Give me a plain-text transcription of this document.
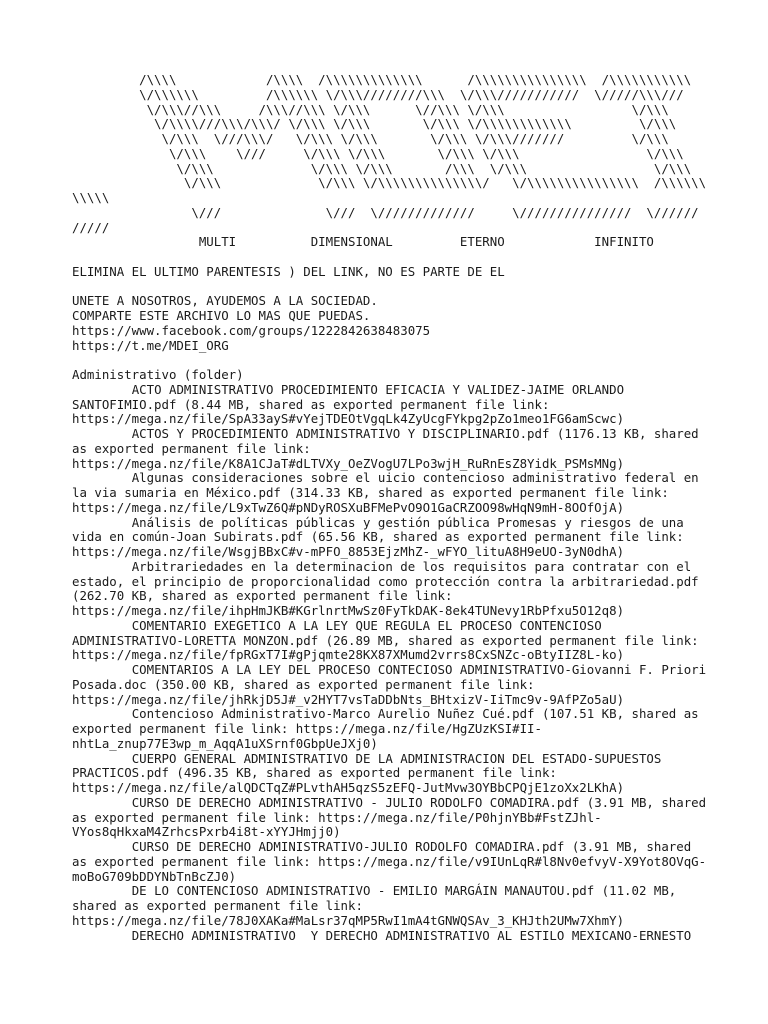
/\\\\            /\\\\  /\\\\\\\\\\\\\      /\\\\\\\\\\\\\\\  /\\\\\\\\\\\
\/\\\\\\         /\\\\\\ \/\\\////////\\\  \/\\\///////////  \/////\\\///
\/\\\//\\\     /\\\//\\\ \/\\\      \//\\\ \/\\\                 \/\\\
\/\\\\///\\\/\\\/ \/\\\ \/\\\       \/\\\ \/\\\\\\\\\\\\         \/\\\
\/\\\  \///\\\/   \/\\\ \/\\\       \/\\\ \/\\\///////         \/\\\
\/\\\    \///     \/\\\ \/\\\       \/\\\ \/\\\                 \/\\\
\/\\\             \/\\\ \/\\\       /\\\  \/\\\                 \/\\\
\/\\\             \/\\\ \/\\\\\\\\\\\\\\/   \/\\\\\\\\\\\\\\\  /\\\\\\
\\\\\
\///              \///  \/////////////     \///////////////  \//////
/////
MULTI          DIMENSIONAL         ETERNO            INFINITO
ELIMINA EL ULTIMO PARENTESIS ) DEL LINK, NO ES PARTE DE EL
UNETE A NOSOTROS, AYUDEMOS A LA SOCIEDAD.
COMPARTE ESTE ARCHIVO LO MAS QUE PUEDAS.
https://www.facebook.com/groups/1222842638483075
https://t.me/MDEI_ORG
Administrativo (folder)
ACTO ADMINISTRATIVO PROCEDIMIENTO EFICACIA Y VALIDEZ-JAIME ORLANDO SANTOFIMIO.pdf (8.44 MB, shared as exported permanent file link: https://mega.nz/file/SpA33ayS#vYejTDEOtVgqLk4ZyUcgFYkpg2pZo1meo1FG6amScwc)
ACTOS Y PROCEDIMIENTO ADMINISTRATIVO Y DISCIPLINARIO.pdf (1176.13 KB, shared as exported permanent file link: https://mega.nz/file/K8A1CJaT#dLTVXy_OeZVogU7LPo3wjH_RuRnEsZ8Yidk_PSMsMNg)
Algunas consideraciones sobre el uicio contencioso administrativo federal en la via sumaria en México.pdf (314.33 KB, shared as exported permanent file link: https://mega.nz/file/L9xTwZ6Q#pNDyROSXuBFMePvO9O1GaCRZOO98wHqN9mH-8OOfOjA)
Análisis de políticas públicas y gestión pública Promesas y riesgos de una vida en común-Joan Subirats.pdf (65.56 KB, shared as exported permanent file link: https://mega.nz/file/WsgjBBxC#v-mPFO_8853EjzMhZ-_wFYO_lituA8H9eUO-3yN0dhA)
Arbitrariedades en la determinacion de los requisitos para contratar con el estado, el principio de proporcionalidad como protección contra la arbitrariedad.pdf (262.70 KB, shared as exported permanent file link: https://mega.nz/file/ihpHmJKB#KGrlnrtMwSz0FyTkDAK-8ek4TUNevy1RbPfxu5O12q8)
COMENTARIO EXEGETICO A LA LEY QUE REGULA EL PROCESO CONTENCIOSO ADMINISTRATIVO-LORETTA MONZON.pdf (26.89 MB, shared as exported permanent file link: https://mega.nz/file/fpRGxT7I#gPjqmte28KX87XMumd2vrrs8CxSNZc-oBtyIIZ8L-ko)
COMENTARIOS A LA LEY DEL PROCESO CONTECIOSO ADMINISTRATIVO-Giovanni F. Priori Posada.doc (350.00 KB, shared as exported permanent file link: https://mega.nz/file/jhRkjD5J#_v2HYT7vsTaDDbNts_BHtxizV-IiTmc9v-9AfPZo5aU)
Contencioso Administrativo-Marco Aurelio Nuñez Cué.pdf (107.51 KB, shared as exported permanent file link: https://mega.nz/file/HgZUzKSI#II-nhtLa_znup77E3wp_m_AqqA1uXSrnf0GbpUeJXj0)
CUERPO GENERAL ADMINISTRATIVO DE LA ADMINISTRACION DEL ESTADO-SUPUESTOS PRACTICOS.pdf (496.35 KB, shared as exported permanent file link: https://mega.nz/file/alQDCTqZ#PLvthAH5qzS5zEFQ-JutMvw3OYBbCPQjE1zoXx2LKhA)
CURSO DE DERECHO ADMINISTRATIVO - JULIO RODOLFO COMADIRA.pdf (3.91 MB, shared as exported permanent file link: https://mega.nz/file/P0hjnYBb#FstZJhl-VYos8qHkxaM4ZrhcsPxrb4i8t-xYYJHmjj0)
CURSO DE DERECHO ADMINISTRATIVO-JULIO RODOLFO COMADIRA.pdf (3.91 MB, shared as exported permanent file link: https://mega.nz/file/v9IUnLqR#l8Nv0efvyV-X9Yot8OVqG-moBoG709bDDYNbTnBcZJ0)
DE LO CONTENCIOSO ADMINISTRATIVO - EMILIO MARGÁIN MANAUTOU.pdf (11.02 MB, shared as exported permanent file link: https://mega.nz/file/78J0XAKa#MaLsr37qMP5RwI1mA4tGNWQSAv_3_KHJth2UMw7XhmY)
DERECHO ADMINISTRATIVO  Y DERECHO ADMINISTRATIVO AL ESTILO MEXICANO-ERNESTO
